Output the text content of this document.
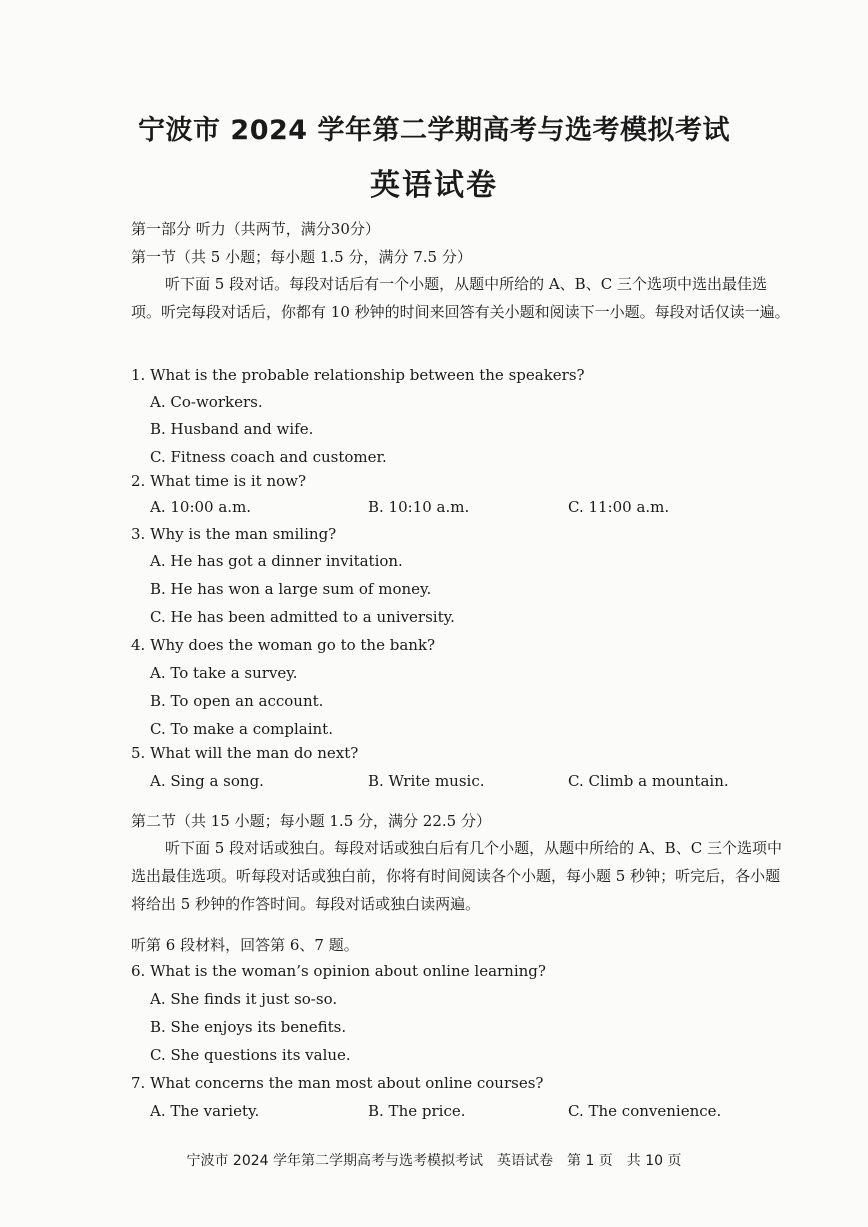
宁波市 2024 学年第二学期高考与选考模拟考试
英语试卷
第一部分 听力（共两节，满分30分）
第一节（共 5 小题；每小题 1.5 分，满分 7.5 分）
听下面 5 段对话。每段对话后有一个小题，从题中所给的 A、B、C 三个选项中选出最佳选项。听完每段对话后，你都有 10 秒钟的时间来回答有关小题和阅读下一小题。每段对话仅读一遍。
1. What is the probable relationship between the speakers?
A. Co-workers.
B. Husband and wife.
C. Fitness coach and customer.
2. What time is it now?
A. 10:00 a.m.	B. 10:10 a.m.	C. 11:00 a.m.
3. Why is the man smiling?
A. He has got a dinner invitation.
B. He has won a large sum of money.
C. He has been admitted to a university.
4. Why does the woman go to the bank?
A. To take a survey.
B. To open an account.
C. To make a complaint.
5. What will the man do next?
A. Sing a song.	B. Write music.	C. Climb a mountain.
第二节（共 15 小题；每小题 1.5 分，满分 22.5 分）
听下面 5 段对话或独白。每段对话或独白后有几个小题，从题中所给的 A、B、C 三个选项中选出最佳选项。听每段对话或独白前，你将有时间阅读各个小题，每小题 5 秒钟；听完后，各小题将给出 5 秒钟的作答时间。每段对话或独白读两遍。
听第 6 段材料，回答第 6、7 题。
6. What is the woman’s opinion about online learning?
A. She finds it just so-so.
B. She enjoys its benefits.
C. She questions its value.
7. What concerns the man most about online courses?
A. The variety.	B. The price.	C. The convenience.
宁波市 2024 学年第二学期高考与选考模拟考试　英语试卷　第 1 页　共 10 页
